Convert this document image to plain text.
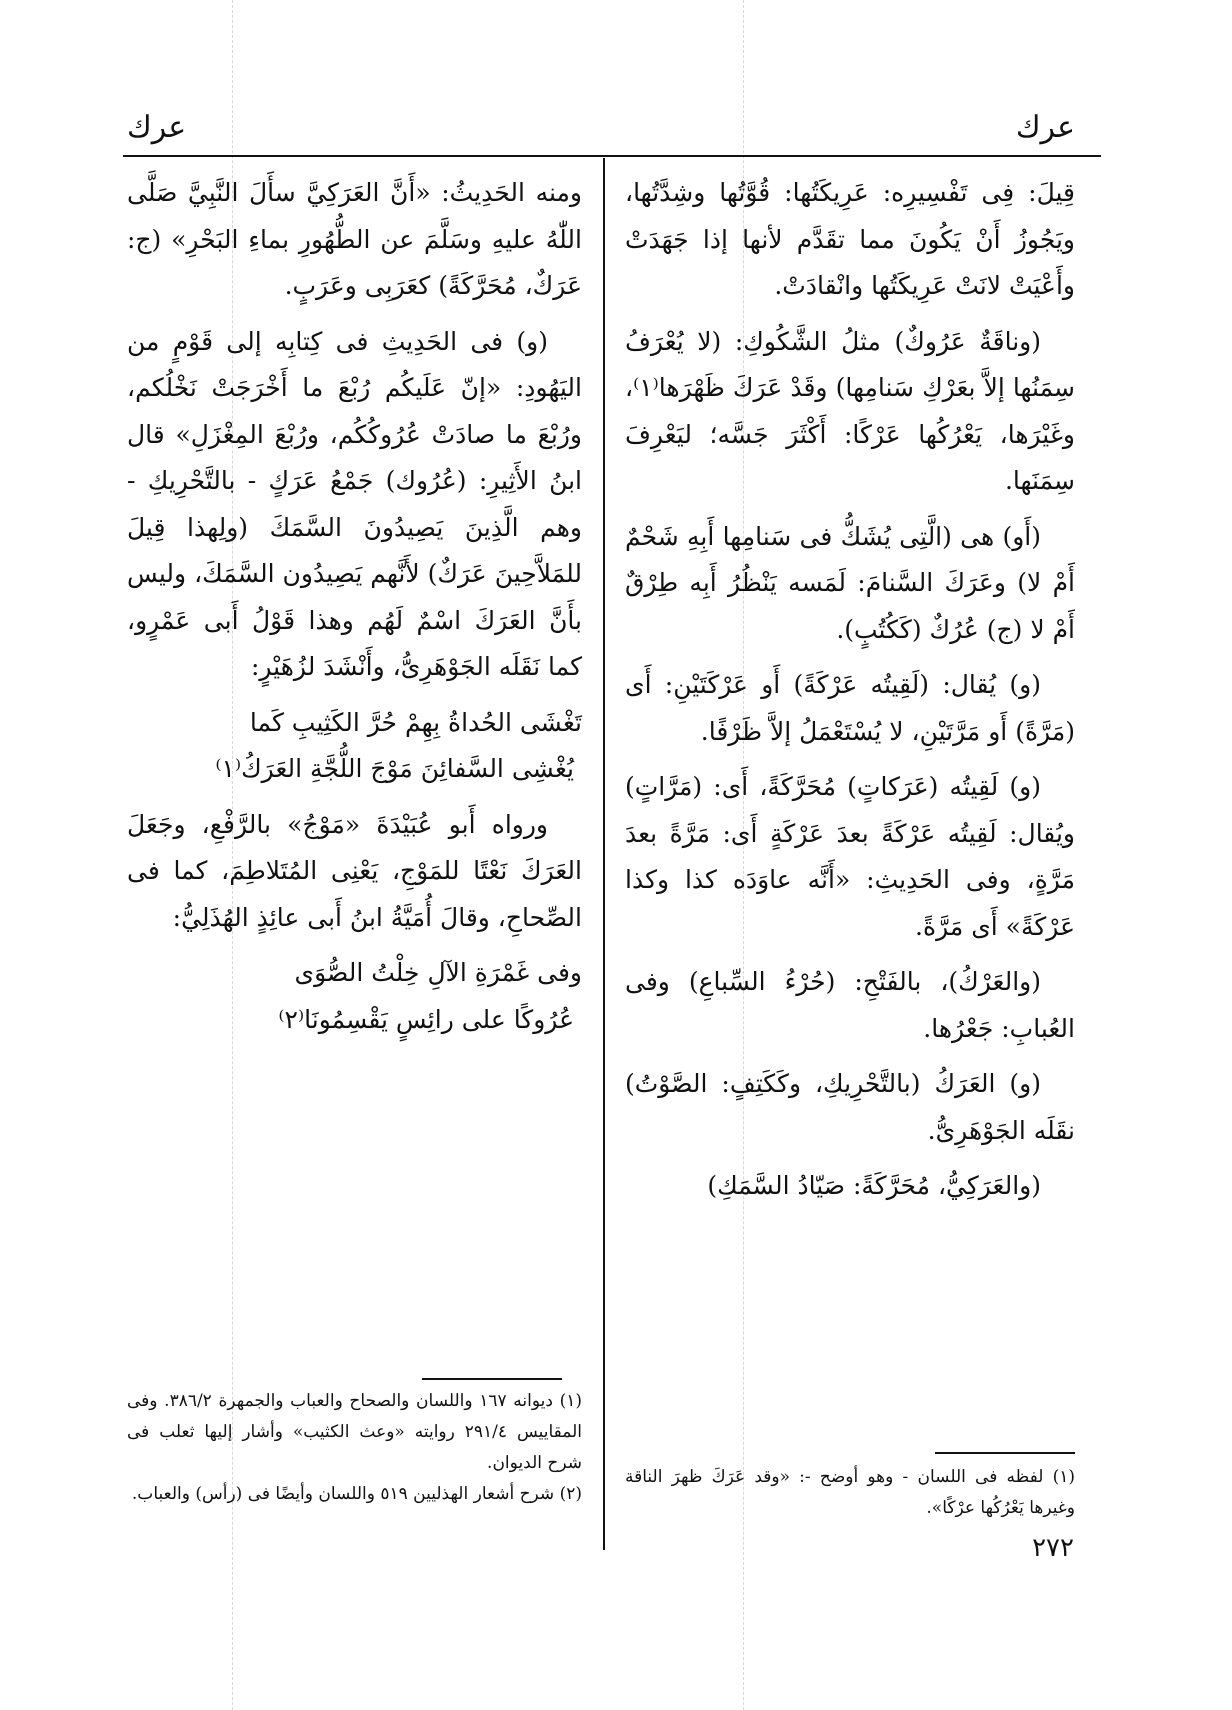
عرك
عرك

قِيلَ: فِى تَفْسِيرِه: عَرِيكَتُها: قُوَّتُها وشِدَّتُها، ويَجُوزُ أَنْ يَكُونَ مما تقَدَّم لأنها إذا جَهَدَتْ وأَعْيَتْ لانَتْ عَرِيكَتُها وانْقادَتْ.

(وناقَةٌ عَرُوكٌ) مثلُ الشَّكُوكِ: (لا يُعْرَفُ سِمَنُها إلاَّ بعَرْكِ سَنامِها) وقَدْ عَرَكَ ظَهْرَها⁽١⁾، وغَيْرَها، يَعْرُكُها عَرْكًا: أَكْثَرَ جَسَّه؛ ليَعْرِفَ سِمَنَها.

(أَو) هى (الَّتِى يُشَكُّ فى سَنامِها أَبِهِ شَحْمٌ أَمْ لا) وعَرَكَ السَّنامَ: لَمَسه يَنْظُرُ أَبِه طِرْقٌ أَمْ لا (ج) عُرُكٌ (كَكُتُبٍ).

(و) يُقال: (لَقِيتُه عَرْكَةً) أَو عَرْكَتَيْنِ: أَى (مَرَّةً) أَو مَرَّتَيْنِ، لا يُسْتَعْمَلُ إلاَّ ظَرْفًا.

(و) لَقِيتُه (عَرَكاتٍ) مُحَرَّكَةً، أَى: (مَرَّاتٍ) ويُقال: لَقِيتُه عَرْكَةً بعدَ عَرْكَةٍ أَى: مَرَّةً بعدَ مَرَّةٍ، وفى الحَدِيثِ: «أَنَّه عاوَدَه كذا وكذا عَرْكَةً» أَى مَرَّةً.

(والعَرْكُ)، بالفَتْحِ: (حُرْءُ السِّباعِ) وفى العُبابِ: جَعْرُها.

(و) العَرَكُ (بالتَّحْرِيكِ، وكَكَتِفٍ: الصَّوْتُ) نقَلَه الجَوْهَرِىُّ.

(والعَرَكِيُّ، مُحَرَّكَةً: صَيّادُ السَّمَكِ)

ومنه الحَدِيثُ: «أَنَّ العَرَكِيَّ سأَلَ النَّبِيَّ صَلَّى اللّٰهُ عليهِ وسَلَّمَ عن الطُّهُورِ بماءِ البَحْرِ» (ج: عَرَكٌ، مُحَرَّكَةً) كعَرَبِى وعَرَبٍ.

(و) فى الحَدِيثِ فى كِتابِه إلى قَوْمٍ من اليَهُودِ: «إنّ عَلَيكُم رُبْعَ ما أَخْرَجَتْ نَخْلُكم، ورُبْعَ ما صادَتْ عُرُوكُكُم، ورُبْعَ المِغْزَلِ» قال ابنُ الأَثِيرِ: (عُرُوك) جَمْعُ عَرَكٍ - بالتَّحْرِيكِ - وهم الَّذِينَ يَصِيدُونَ السَّمَكَ (ولِهذا قِيلَ للمَلاَّحِينَ عَرَكٌ) لأَنَّهم يَصِيدُون السَّمَكَ، وليس بأَنَّ العَرَكَ اسْمٌ لَهُم وهذا قَوْلُ أَبى عَمْرٍو، كما نَقَلَه الجَوْهَرِىُّ، وأَنْشَدَ لزُهَيْرٍ:

تَغْشَى الحُداةُ بِهِمْ حُرَّ الكَثِيبِ كَما
يُغْشِى السَّفائِنَ مَوْجَ اللُّجَّةِ العَرَكُ⁽١⁾

ورواه أَبو عُبَيْدَةَ «مَوْجُ» بالرَّفْعِ، وجَعَلَ العَرَكَ نَعْتًا للمَوْجِ، يَعْنِى المُتَلاطِمَ، كما فى الصِّحاحِ، وقالَ أُمَيَّةُ ابنُ أَبى عائِذٍ الهُذَلِيُّ:

وفى غَمْرَةِ الآلِ خِلْتُ الصُّوَى
عُرُوكًا على رائِسٍ يَقْسِمُونَا⁽٢⁾
(١) ديوانه ١٦٧ واللسان والصحاح والعباب والجمهرة ٣٨٦/٢. وفى المقاييس ٢٩١/٤ روايته «وعث الكثيب» وأشار إليها ثعلب فى شرح الديوان.
(٢) شرح أشعار الهذليين ٥١٩ واللسان وأيضًا فى (رأس) والعباب.
(١) لفظه فى اللسان - وهو أوضح -: «وقد عَرَكَ ظهرَ الناقة وغيرها يَعْرُكُها عرْكًا».
٢٧٢
